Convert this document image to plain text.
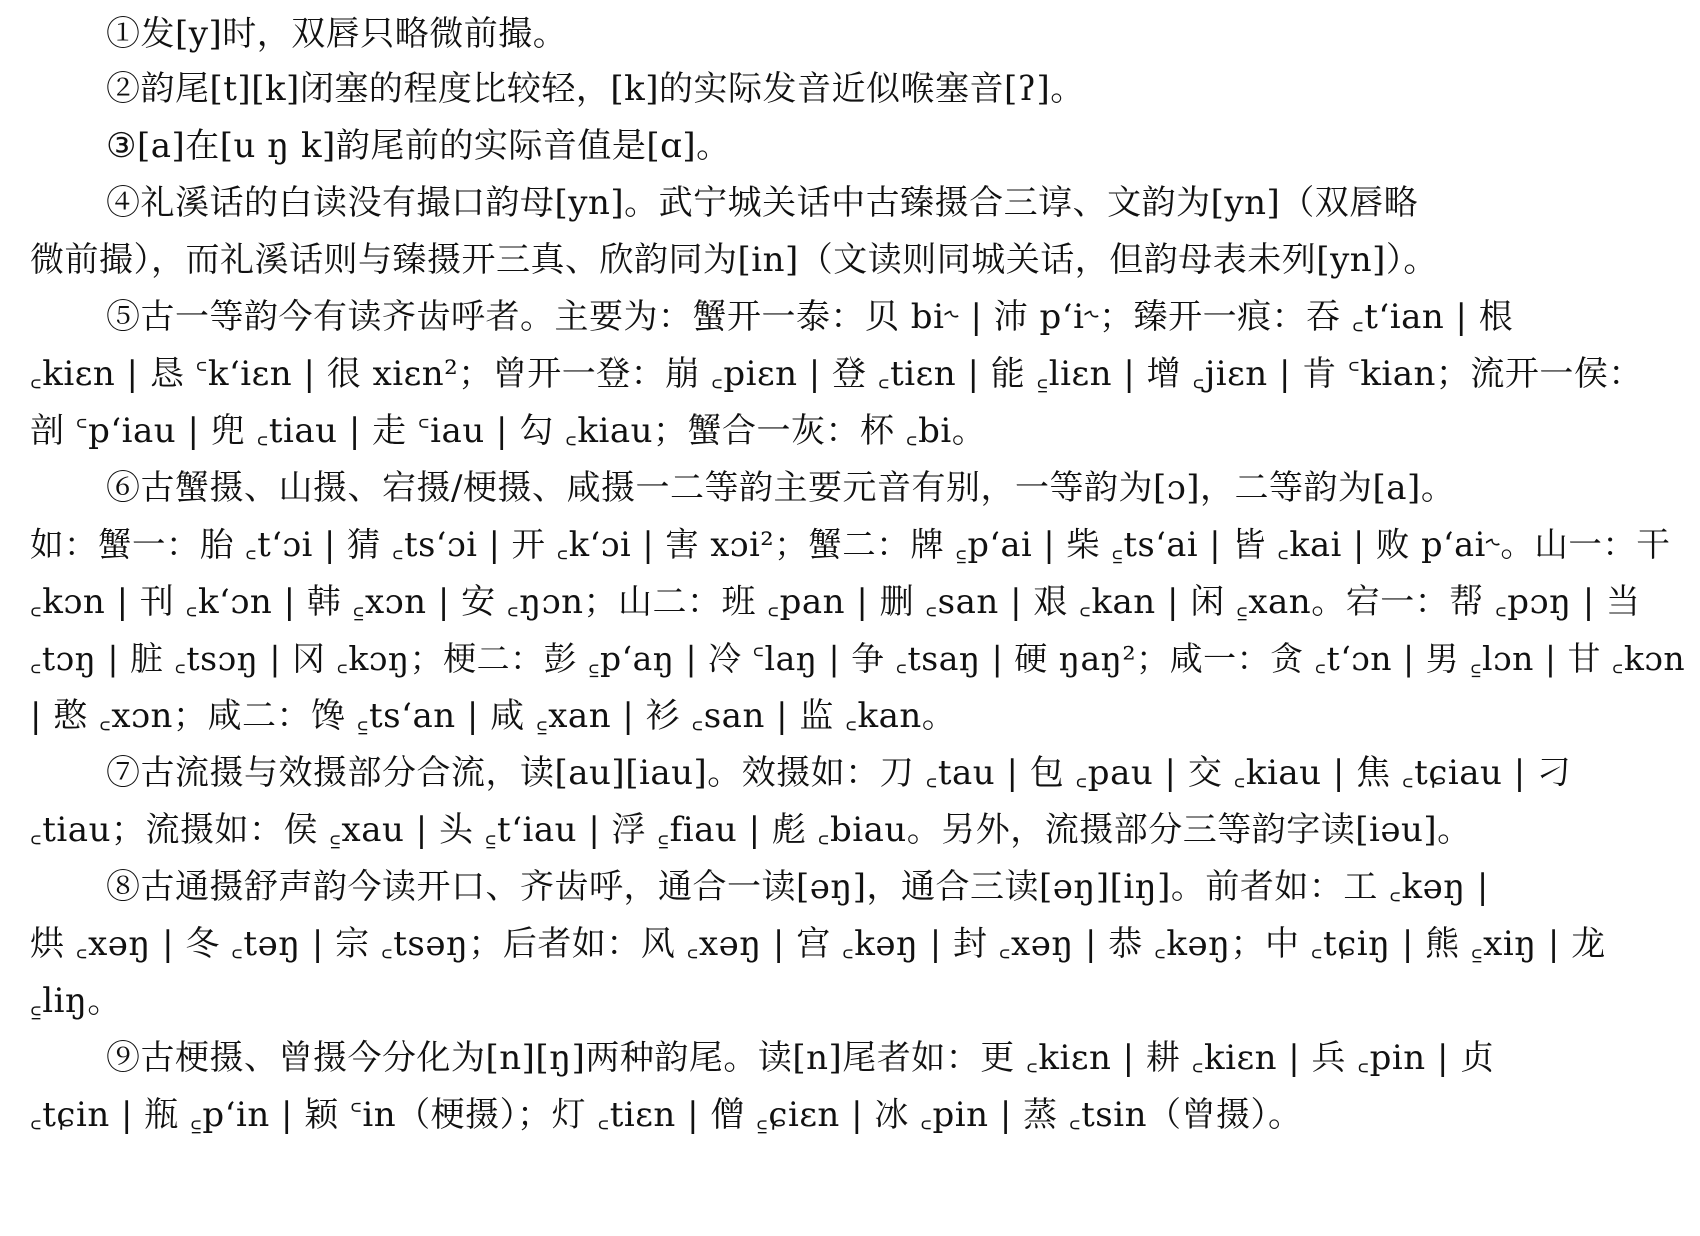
①发[y]时，双唇只略微前撮。
②韵尾[t][k]闭塞的程度比较轻，[k]的实际发音近似喉塞音[ʔ]。
③[a]在[u ŋ k]韵尾前的实际音值是[ɑ]。
④礼溪话的白读没有撮口韵母[yn]。武宁城关话中古臻摄合三谆、文韵为[yn]（双唇略
微前撮），而礼溪话则与臻摄开三真、欣韵同为[in]（文读则同城关话，但韵母表未列[yn]）。
⑤古一等韵今有读齐齿呼者。主要为：蟹开一泰：贝 bi˞ | 沛 pʻi˞；臻开一痕：吞 ꜀tʻian | 根
꜀kiɛn | 恳 ꜂kʻiɛn | 很 xiɛn²；曾开一登：崩 ꜀piɛn | 登 ꜀tiɛn | 能 ꜁liɛn | 增 ꜀jiɛn | 肯 ꜂kian；流开一侯：
剖 ꜂pʻiau | 兜 ꜀tiau | 走 ꜂iau | 勾 ꜀kiau；蟹合一灰：杯 ꜀bi。
⑥古蟹摄、山摄、宕摄/梗摄、咸摄一二等韵主要元音有别，一等韵为[ɔ]，二等韵为[a]。
如：蟹一：胎 ꜀tʻɔi | 猜 ꜀tsʻɔi | 开 ꜀kʻɔi | 害 xɔi²；蟹二：牌 ꜁pʻai | 柴 ꜁tsʻai | 皆 ꜀kai | 败 pʻai˞。山一：干
꜀kɔn | 刊 ꜀kʻɔn | 韩 ꜁xɔn | 安 ꜀ŋɔn；山二：班 ꜀pan | 删 ꜀san | 艰 ꜀kan | 闲 ꜁xan。宕一：帮 ꜀pɔŋ | 当
꜀tɔŋ | 脏 ꜀tsɔŋ | 冈 ꜀kɔŋ；梗二：彭 ꜁pʻaŋ | 冷 ꜂laŋ | 争 ꜀tsaŋ | 硬 ŋaŋ²；咸一：贪 ꜀tʻɔn | 男 ꜁lɔn | 甘 ꜀kɔn
| 憨 ꜀xɔn；咸二：馋 ꜁tsʻan | 咸 ꜁xan | 衫 ꜀san | 监 ꜀kan。
⑦古流摄与效摄部分合流，读[au][iau]。效摄如：刀 ꜀tau | 包 ꜀pau | 交 ꜀kiau | 焦 ꜀tɕiau | 刁
꜀tiau；流摄如：侯 ꜁xau | 头 ꜁tʻiau | 浮 ꜁fiau | 彪 ꜀biau。另外，流摄部分三等韵字读[iəu]。
⑧古通摄舒声韵今读开口、齐齿呼，通合一读[əŋ]，通合三读[əŋ][iŋ]。前者如：工 ꜀kəŋ |
烘 ꜀xəŋ | 冬 ꜀təŋ | 宗 ꜀tsəŋ；后者如：风 ꜀xəŋ | 宫 ꜀kəŋ | 封 ꜀xəŋ | 恭 ꜀kəŋ；中 ꜀tɕiŋ | 熊 ꜁xiŋ | 龙
꜁liŋ。
⑨古梗摄、曾摄今分化为[n][ŋ]两种韵尾。读[n]尾者如：更 ꜀kiɛn | 耕 ꜀kiɛn | 兵 ꜀pin | 贞
꜀tɕin | 瓶 ꜁pʻin | 颖 ꜂in（梗摄）；灯 ꜀tiɛn | 僧 ꜁ɕiɛn | 冰 ꜀pin | 蒸 ꜀tsin（曾摄）。
